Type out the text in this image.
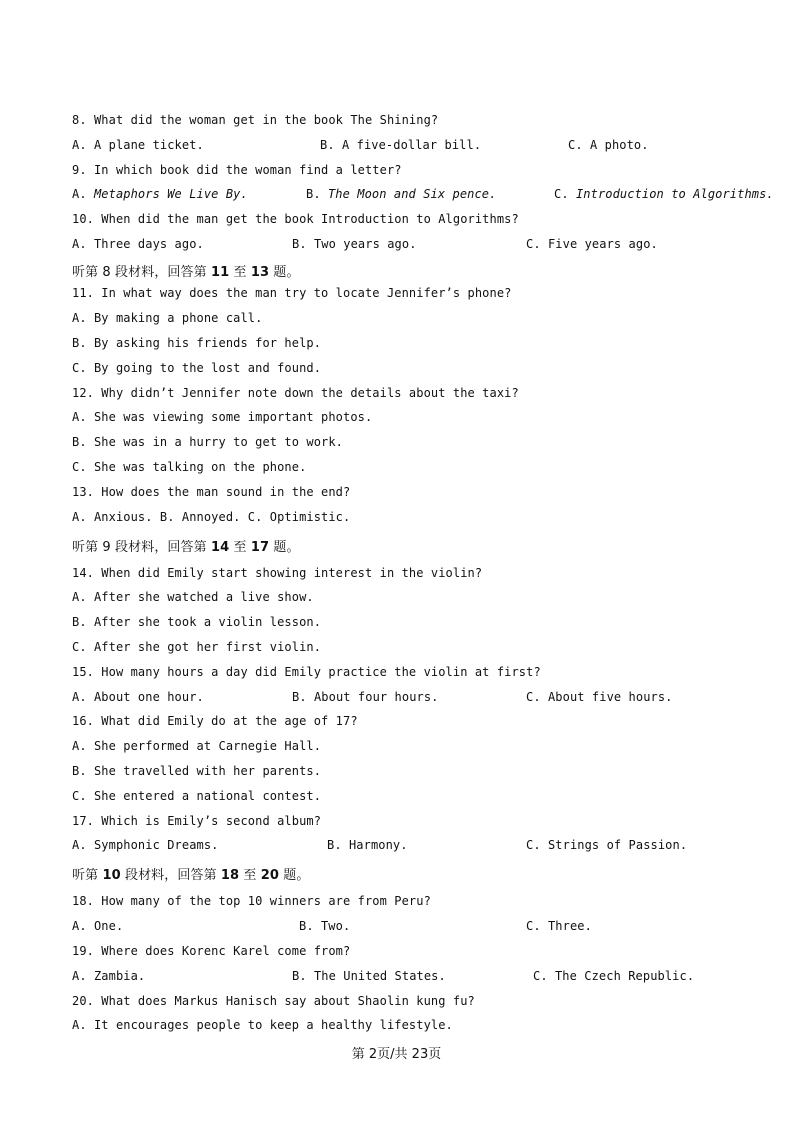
8. What did the woman get in the book The Shining?
A. A plane ticket.	B. A five-dollar bill.	C. A photo.
9. In which book did the woman find a letter?
A. Metaphors We Live By.	B. The Moon and Six pence.	C. Introduction to Algorithms.
10. When did the man get the book Introduction to Algorithms?
A. Three days ago.	B. Two years ago.	C. Five years ago.
听第 8 段材料，回答第 11 至 13 题。
11. In what way does the man try to locate Jennifer’s phone?
A. By making a phone call.
B. By asking his friends for help.
C. By going to the lost and found.
12. Why didn’t Jennifer note down the details about the taxi?
A. She was viewing some important photos.
B. She was in a hurry to get to work.
C. She was talking on the phone.
13. How does the man sound in the end?
A. Anxious. B. Annoyed. C. Optimistic.
听第 9 段材料，回答第 14 至 17 题。
14. When did Emily start showing interest in the violin?
A. After she watched a live show.
B. After she took a violin lesson.
C. After she got her first violin.
15. How many hours a day did Emily practice the violin at first?
A. About one hour.	B. About four hours.	C. About five hours.
16. What did Emily do at the age of 17?
A. She performed at Carnegie Hall.
B. She travelled with her parents.
C. She entered a national contest.
17. Which is Emily’s second album?
A. Symphonic Dreams.	B. Harmony.	C. Strings of Passion.
听第 10 段材料，回答第 18 至 20 题。
18. How many of the top 10 winners are from Peru?
A. One.	B. Two.	C. Three.
19. Where does Korenc Karel come from?
A. Zambia.	B. The United States.	C. The Czech Republic.
20. What does Markus Hanisch say about Shaolin kung fu?
A. It encourages people to keep a healthy lifestyle.
第 2页/共 23页
